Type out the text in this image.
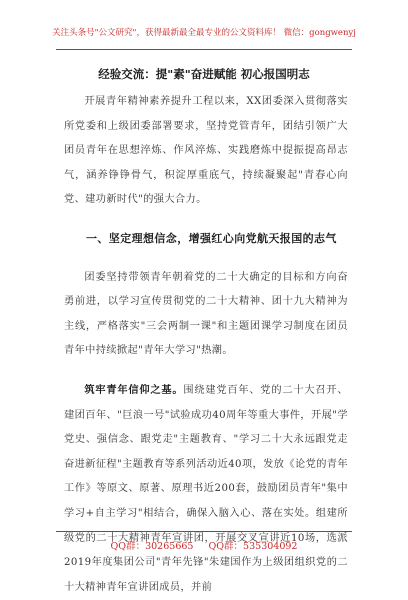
关注头条号"公文研究"，获得最新最全最专业的公文资料库！ 微信：gongwenyj
经验交流：提"素"奋进赋能 初心报国明志

开展青年精神素养提升工程以来，XX团委深入贯彻落实所党委和上级团委部署要求，坚持党管青年，团结引领广大团员青年在思想淬炼、作风淬炼、实践磨炼中提振提高昂志气，涵养铮铮骨气，积淀厚重底气，持续凝聚起"青春心向党、建功新时代"的强大合力。

一、坚定理想信念，增强红心向党航天报国的志气

团委坚持带领青年朝着党的二十大确定的目标和方向奋勇前进，以学习宣传贯彻党的二十大精神、团十九大精神为主线，严格落实"三会两制一课"和主题团课学习制度在团员青年中持续掀起"青年大学习"热潮。

筑牢青年信仰之基。围绕建党百年、党的二十大召开、建团百年、"巨浪一号"试验成功40周年等重大事件，开展"学党史、强信念、跟党走"主题教育、"学习二十大永远跟党走奋进新征程"主题教育等系列活动近40项，发放《论党的青年工作》等原文、原著、原理书近200套，鼓励团员青年"集中学习+自主学习"相结合，确保入脑入心、落在实处。组建所级党的二十大精神青年宣讲团，开展交叉宣讲近10场，选派2019年度集团公司"青年先锋"朱建国作为上级团组织党的二十大精神青年宣讲团成员，并前

QQ群：30265665 QQ群：535304092
